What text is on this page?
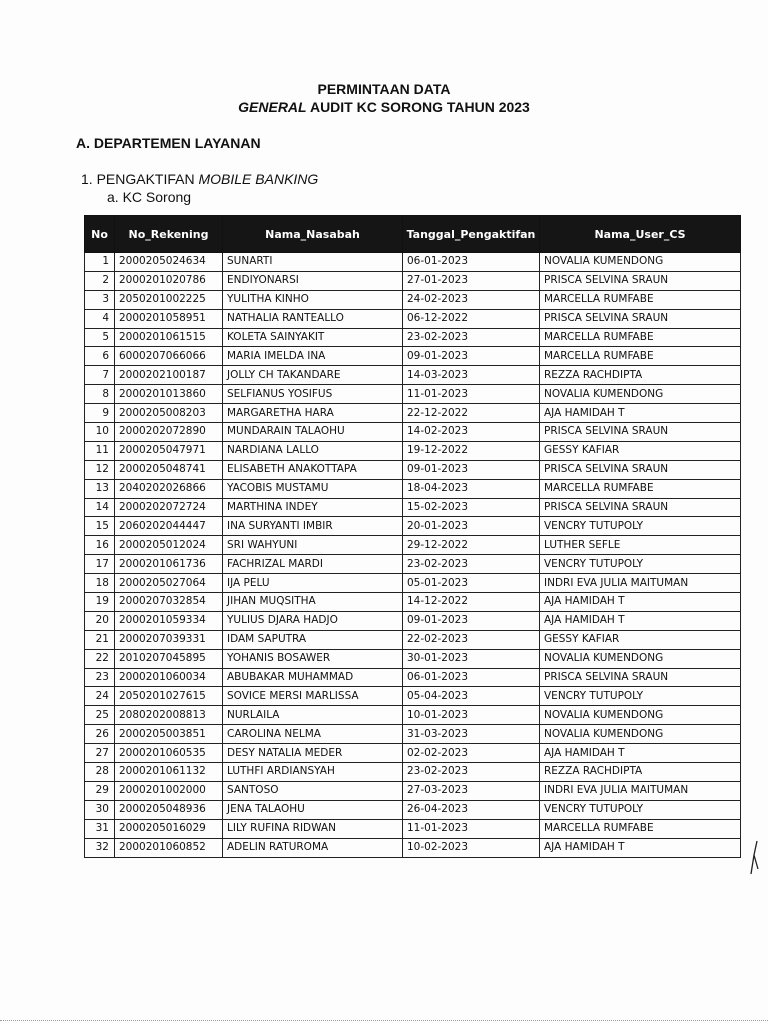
PERMINTAAN DATA
GENERAL AUDIT KC SORONG TAHUN 2023
A. DEPARTEMEN LAYANAN
1. PENGAKTIFAN MOBILE BANKING
a. KC Sorong
No	No_Rekening	Nama_Nasabah	Tanggal_Pengaktifan	Nama_User_CS
1	2000205024634	SUNARTI	06-01-2023	NOVALIA KUMENDONG
2	2000201020786	ENDIYONARSI	27-01-2023	PRISCA SELVINA SRAUN
3	2050201002225	YULITHA KINHO	24-02-2023	MARCELLA RUMFABE
4	2000201058951	NATHALIA RANTEALLO	06-12-2022	PRISCA SELVINA SRAUN
5	2000201061515	KOLETA SAINYAKIT	23-02-2023	MARCELLA RUMFABE
6	6000207066066	MARIA IMELDA INA	09-01-2023	MARCELLA RUMFABE
7	2000202100187	JOLLY CH TAKANDARE	14-03-2023	REZZA RACHDIPTA
8	2000201013860	SELFIANUS YOSIFUS	11-01-2023	NOVALIA KUMENDONG
9	2000205008203	MARGARETHA HARA	22-12-2022	AJA HAMIDAH T
10	2000202072890	MUNDARAIN TALAOHU	14-02-2023	PRISCA SELVINA SRAUN
11	2000205047971	NARDIANA LALLO	19-12-2022	GESSY KAFIAR
12	2000205048741	ELISABETH ANAKOTTAPA	09-01-2023	PRISCA SELVINA SRAUN
13	2040202026866	YACOBIS MUSTAMU	18-04-2023	MARCELLA RUMFABE
14	2000202072724	MARTHINA INDEY	15-02-2023	PRISCA SELVINA SRAUN
15	2060202044447	INA SURYANTI IMBIR	20-01-2023	VENCRY TUTUPOLY
16	2000205012024	SRI WAHYUNI	29-12-2022	LUTHER SEFLE
17	2000201061736	FACHRIZAL MARDI	23-02-2023	VENCRY TUTUPOLY
18	2000205027064	IJA PELU	05-01-2023	INDRI EVA JULIA MAITUMAN
19	2000207032854	JIHAN MUQSITHA	14-12-2022	AJA HAMIDAH T
20	2000201059334	YULIUS DJARA HADJO	09-01-2023	AJA HAMIDAH T
21	2000207039331	IDAM SAPUTRA	22-02-2023	GESSY KAFIAR
22	2010207045895	YOHANIS BOSAWER	30-01-2023	NOVALIA KUMENDONG
23	2000201060034	ABUBAKAR MUHAMMAD	06-01-2023	PRISCA SELVINA SRAUN
24	2050201027615	SOVICE MERSI MARLISSA	05-04-2023	VENCRY TUTUPOLY
25	2080202008813	NURLAILA	10-01-2023	NOVALIA KUMENDONG
26	2000205003851	CAROLINA NELMA	31-03-2023	NOVALIA KUMENDONG
27	2000201060535	DESY NATALIA MEDER	02-02-2023	AJA HAMIDAH T
28	2000201061132	LUTHFI ARDIANSYAH	23-02-2023	REZZA RACHDIPTA
29	2000201002000	SANTOSO	27-03-2023	INDRI EVA JULIA MAITUMAN
30	2000205048936	JENA TALAOHU	26-04-2023	VENCRY TUTUPOLY
31	2000205016029	LILY RUFINA RIDWAN	11-01-2023	MARCELLA RUMFABE
32	2000201060852	ADELIN RATUROMA	10-02-2023	AJA HAMIDAH T
